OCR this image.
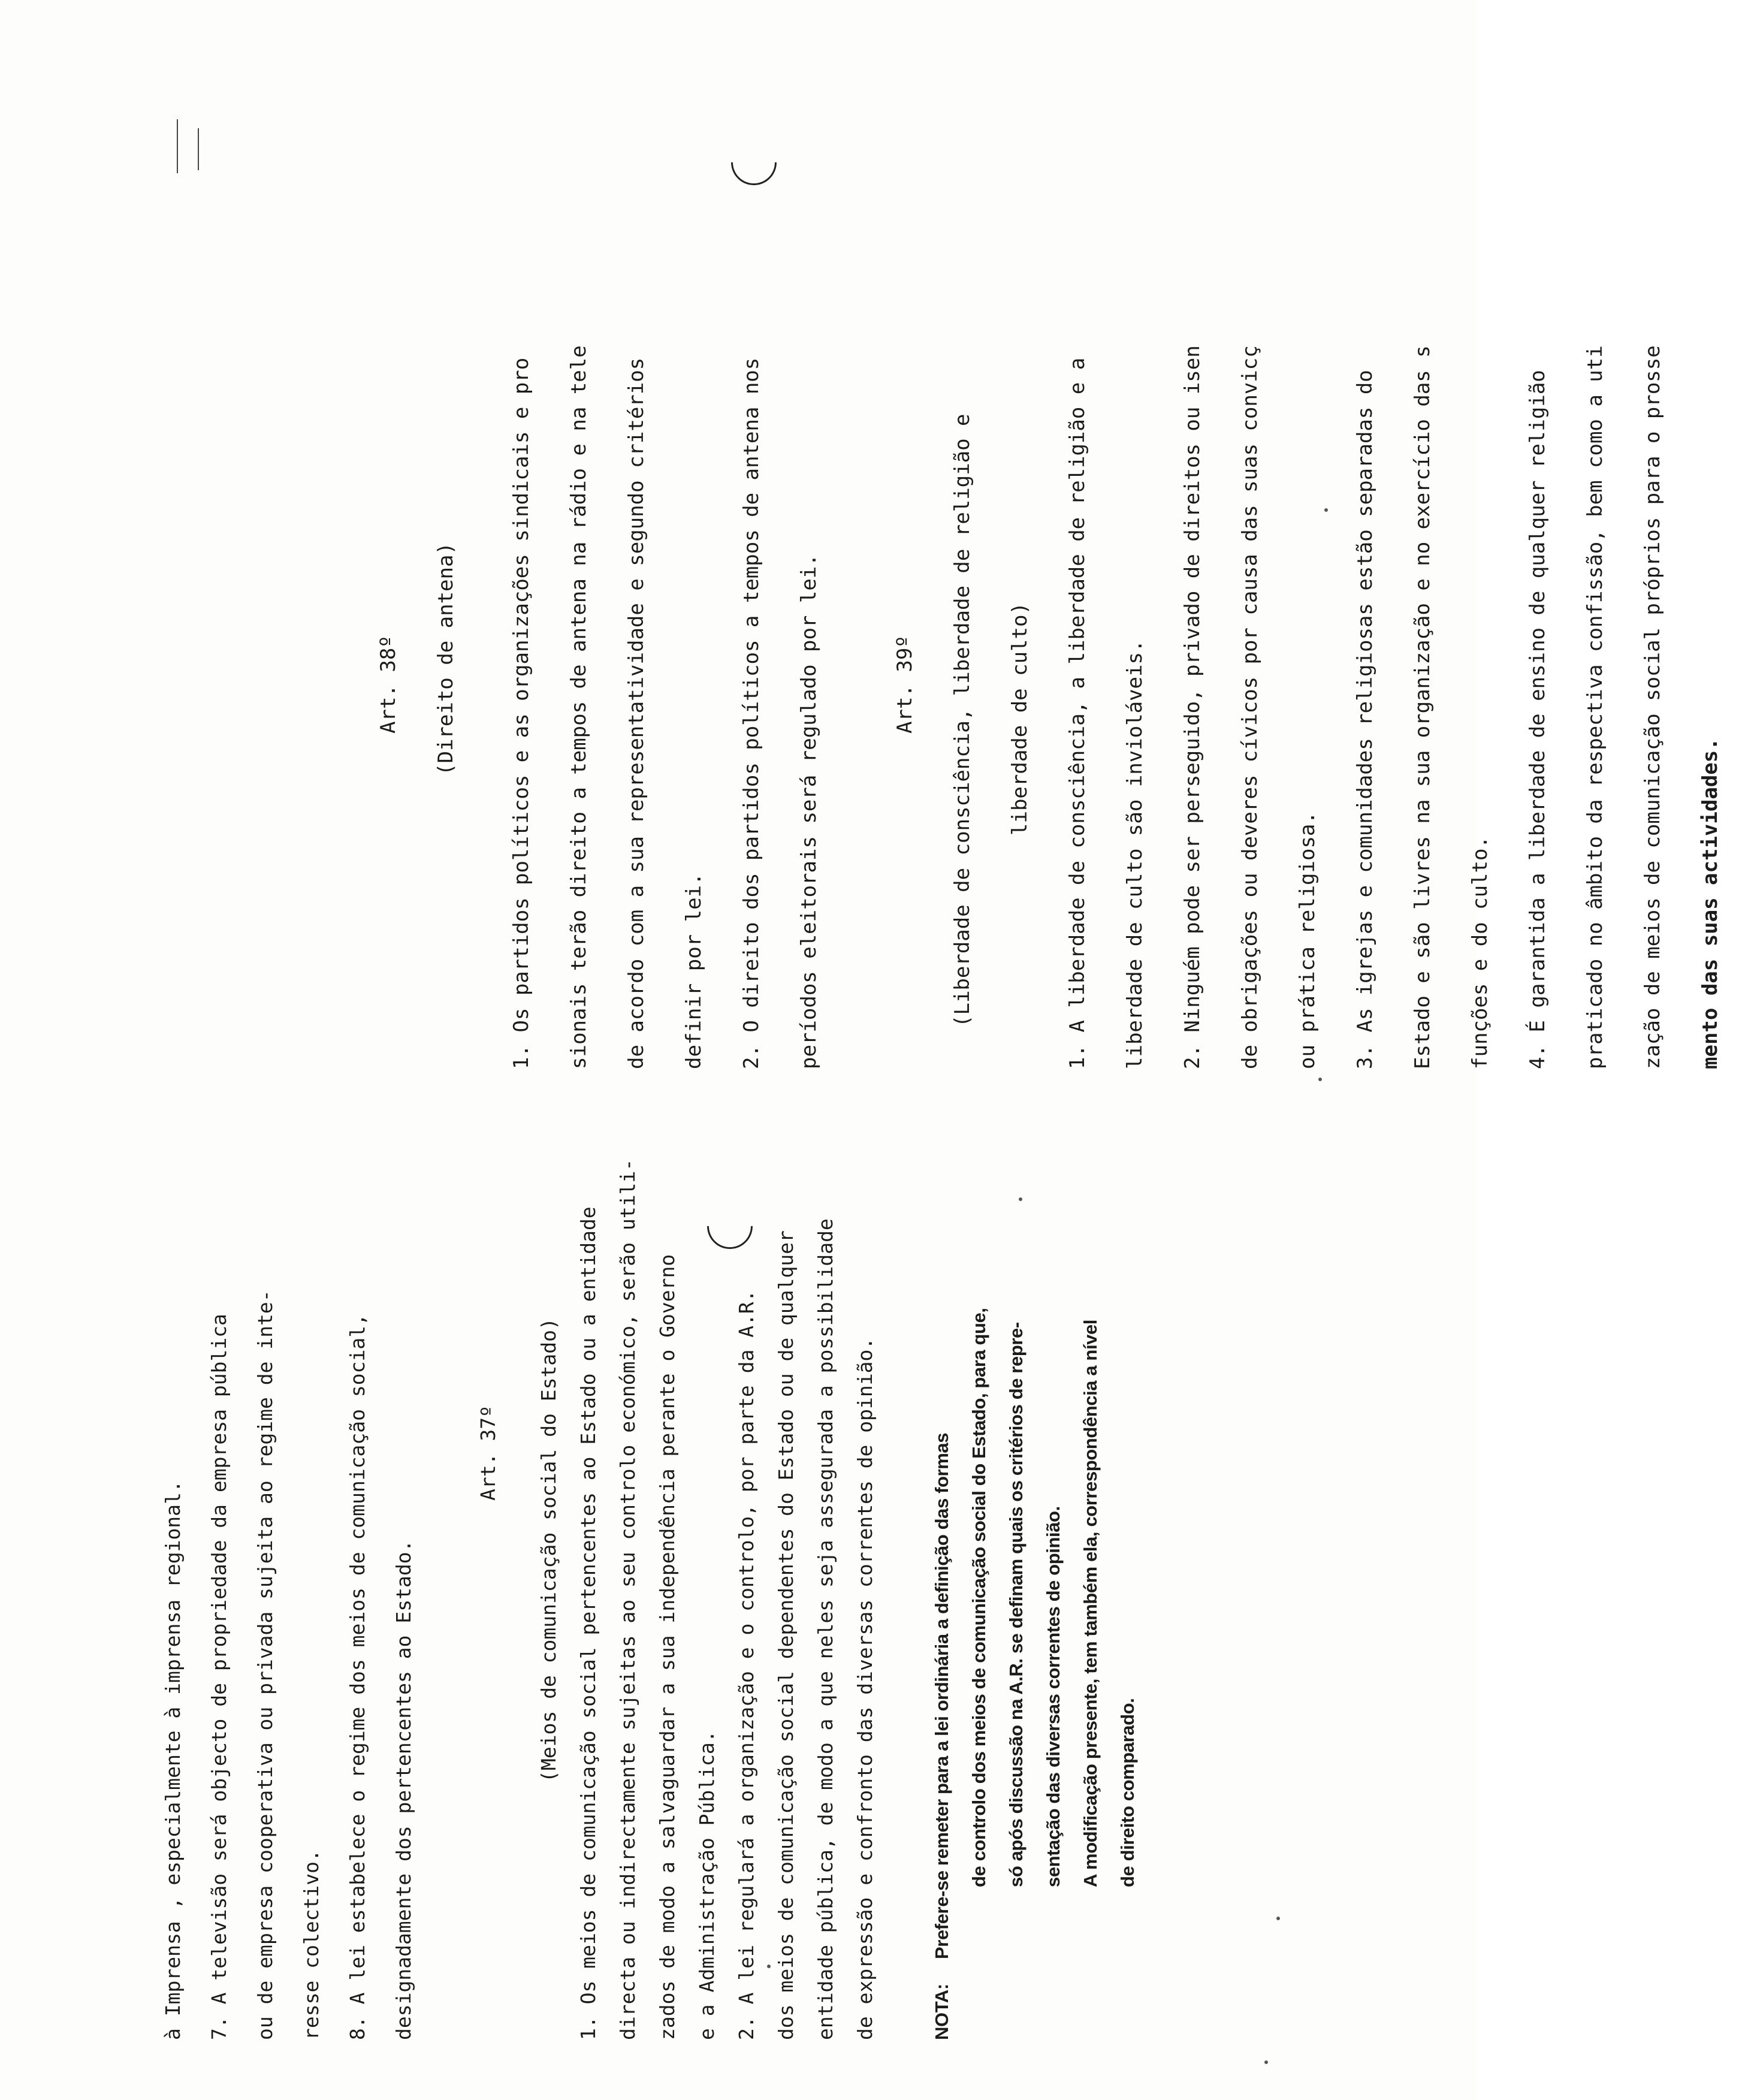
à Imprensa , especialmente à imprensa regional.	7. A televisão será objecto de propriedade da empresa pública	ou de empresa cooperativa ou privada sujeita ao regime de inte-	resse colectivo.	8. A lei estabelece o regime dos meios de comunicação social,	designadamente dos pertencentes ao Estado.
Art. 37º	(Meios de comunicação social do Estado) 1. Os meios de comunicação social pertencentes ao Estado ou a entidade directa ou indirectamente sujeitas ao seu controlo económico, serão utili- zados de modo a salvaguardar a sua independência perante o Governo e a Administração Pública. 2. A lei regulará a organização e o controlo, por parte da A.R. dos meios de comunicação social dependentes do Estado ou de qualquer entidade pública, de modo a que neles seja assegurada a possibilidade de expressão e confronto das diversas correntes de opinião.	NOTA:Prefere-se remeter para a lei ordinária a definição das formas de controlo dos meios de comunicação social do Estado, para que, só após discussão na A.R. se definam quais os critérios de repre- sentação das diversas correntes de opinião. A modificação presente, tem também ela, correspondência a nível de direito comparado.
Art. 38º	(Direito de antena)	1. Os partidos políticos e as organizações sindicais e pro	sionais terão direito a tempos de antena na rádio e na tele	de acordo com a sua representatividade e segundo critérios	definir por lei.	2. O direito dos partidos políticos a tempos de antena nos	períodos eleitorais será regulado por lei.	Art. 39º	(Liberdade de consciência, liberdade de religião e	liberdade de culto)	1. A liberdade de consciência, a liberdade de religião e a	liberdade de culto são invioláveis.	2. Ninguém pode ser perseguido, privado de direitos ou isen	de obrigações ou deveres cívicos por causa das suas convicç	ou prática religiosa.	3. As igrejas e comunidades religiosas estão separadas do	Estado e são livres na sua organização e no exercício das s	funções e do culto.	4. É garantida a liberdade de ensino de qualquer religião	praticado no âmbito da respectiva confissão, bem como a uti	zação de meios de comunicação social próprios para o prosse	mento das suas actividades.
